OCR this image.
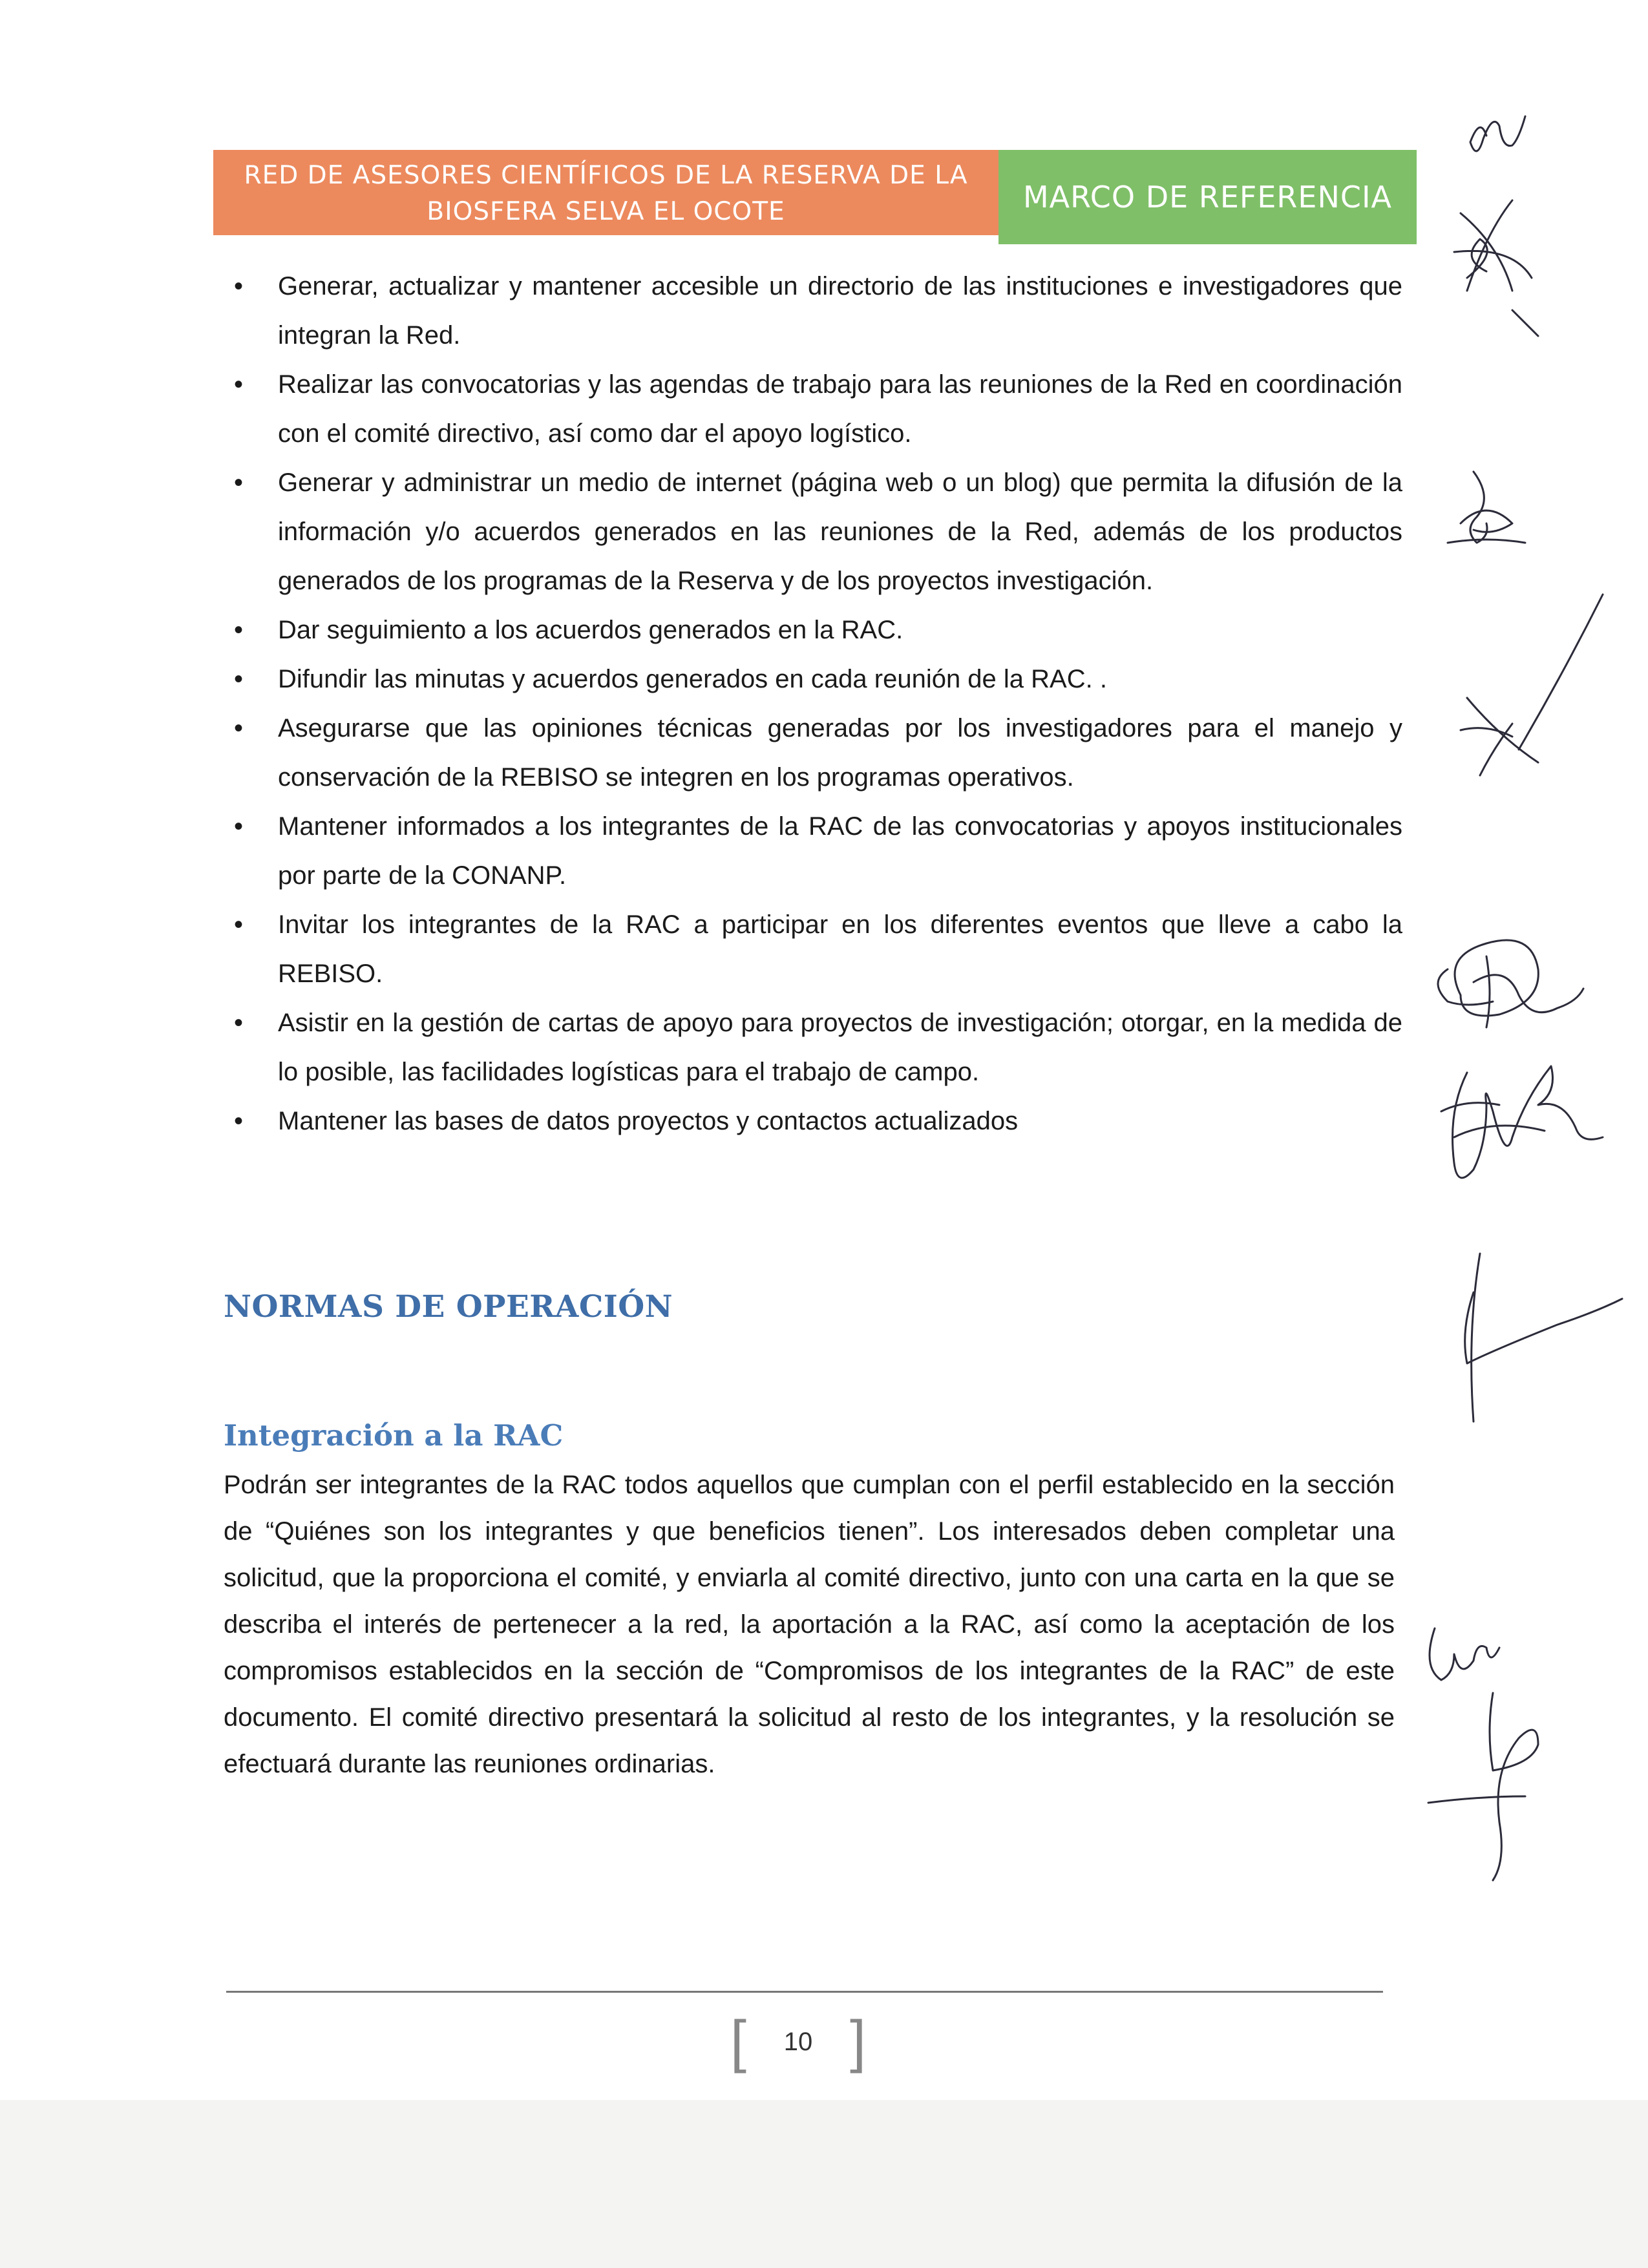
RED DE ASESORES CIENTÍFICOS DE LA RESERVA DE LA
BIOSFERA SELVA EL OCOTE	MARCO DE REFERENCIA
• Generar, actualizar y mantener accesible un directorio de las instituciones e investigadores que integran la Red.
• Realizar las convocatorias y las agendas de trabajo para las reuniones de la Red en coordinación con el comité directivo, así como dar el apoyo logístico.
• Generar y administrar un medio de internet (página web o un blog) que permita la difusión de la información y/o acuerdos generados en las reuniones de la Red, además de los productos generados de los programas de la Reserva y de los proyectos investigación.
• Dar seguimiento a los acuerdos generados en la RAC.
• Difundir las minutas y acuerdos generados en cada reunión de la RAC. .
• Asegurarse que las opiniones técnicas generadas por los investigadores para el manejo y conservación de la REBISO se integren en los programas operativos.
• Mantener informados a los integrantes de la RAC de las convocatorias y apoyos institucionales por parte de la CONANP.
• Invitar los integrantes de la RAC a participar en los diferentes eventos que lleve a cabo la REBISO.
• Asistir en la gestión de cartas de apoyo para proyectos de investigación; otorgar, en la medida de lo posible, las facilidades logísticas para el trabajo de campo.
• Mantener las bases de datos proyectos y contactos actualizados
NORMAS DE OPERACIÓN
Integración a la RAC

Podrán ser integrantes de la RAC todos aquellos que cumplan con el perfil establecido en la sección de “Quiénes son los integrantes y que beneficios tienen”. Los interesados deben completar una solicitud, que la proporciona el comité, y enviarla al comité directivo, junto con una carta en la que se describa el interés de pertenecer a la red, la aportación a la RAC, así como la aceptación de los compromisos establecidos en la sección de “Compromisos de los integrantes de la RAC” de este documento. El comité directivo presentará la solicitud al resto de los integrantes, y la resolución se efectuará durante las reuniones ordinarias.

[ 10 ]
